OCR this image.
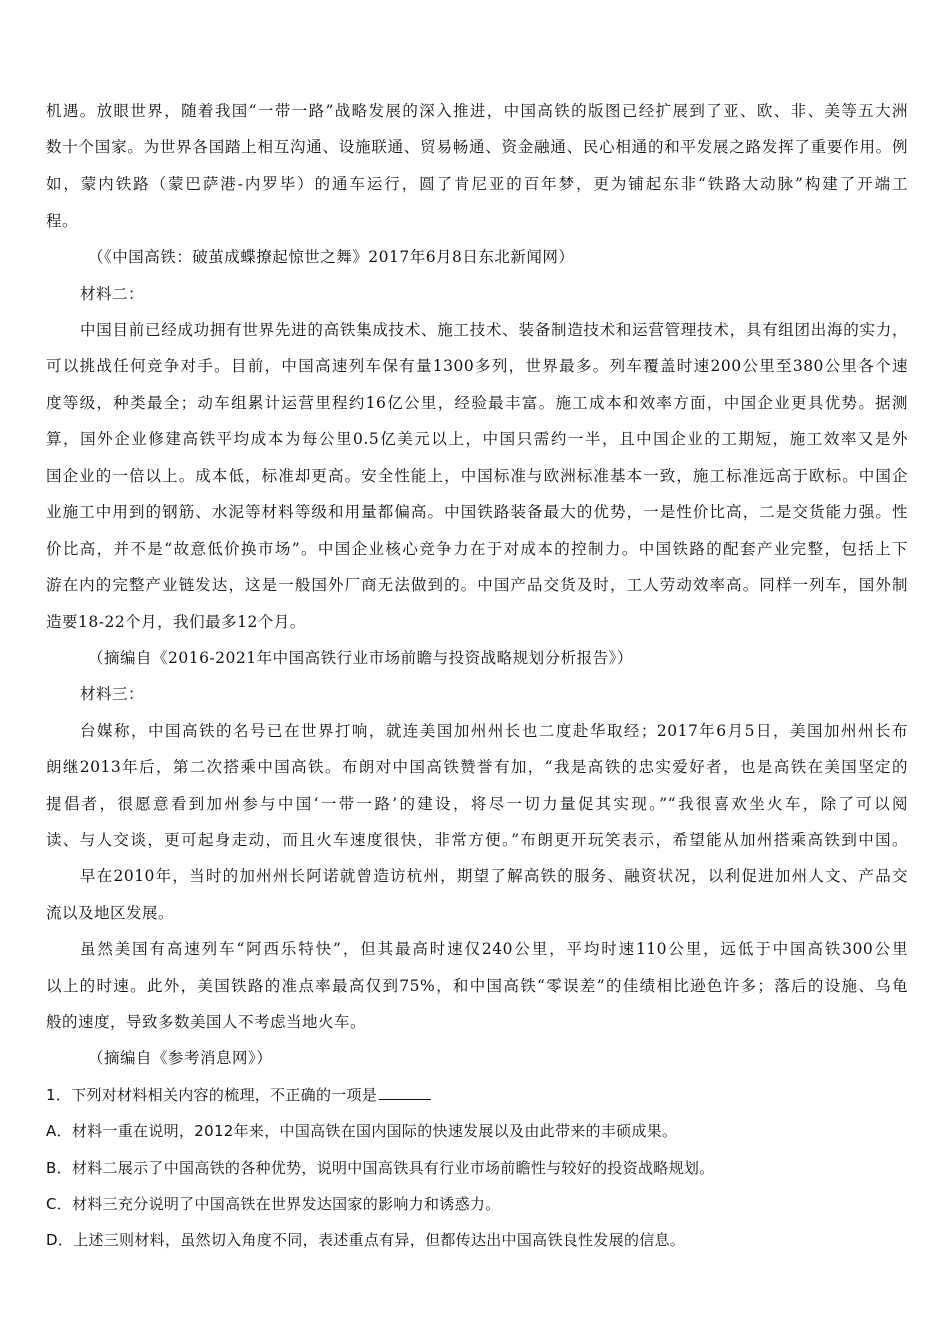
机遇。放眼世界，随着我国“一带一路”战略发展的深入推进，中国高铁的版图已经扩展到了亚、欧、非、美等五大洲
数十个国家。为世界各国踏上相互沟通、设施联通、贸易畅通、资金融通、民心相通的和平发展之路发挥了重要作用。例
如，蒙内铁路（蒙巴萨港-内罗毕）的通车运行，圆了肯尼亚的百年梦，更为铺起东非“铁路大动脉”构建了开端工
程。
（《中国高铁：破茧成蝶撩起惊世之舞》2017年6月8日东北新闻网）
材料二：
中国目前已经成功拥有世界先进的高铁集成技术、施工技术、装备制造技术和运营管理技术，具有组团出海的实力，
可以挑战任何竞争对手。目前，中国高速列车保有量1300多列，世界最多。列车覆盖时速200公里至380公里各个速
度等级，种类最全；动车组累计运营里程约16亿公里，经验最丰富。施工成本和效率方面，中国企业更具优势。据测
算，国外企业修建高铁平均成本为每公里0.5亿美元以上，中国只需约一半，且中国企业的工期短，施工效率又是外
国企业的一倍以上。成本低，标准却更高。安全性能上，中国标准与欧洲标准基本一致，施工标准远高于欧标。中国企
业施工中用到的钢筋、水泥等材料等级和用量都偏高。中国铁路装备最大的优势，一是性价比高，二是交货能力强。性
价比高，并不是“故意低价换市场”。中国企业核心竞争力在于对成本的控制力。中国铁路的配套产业完整，包括上下
游在内的完整产业链发达，这是一般国外厂商无法做到的。中国产品交货及时，工人劳动效率高。同样一列车，国外制
造要18-22个月，我们最多12个月。
（摘编自《2016-2021年中国高铁行业市场前瞻与投资战略规划分析报告》）
材料三：
台媒称，中国高铁的名号已在世界打响，就连美国加州州长也二度赴华取经；2017年6月5日，美国加州州长布
朗继2013年后，第二次搭乘中国高铁。布朗对中国高铁赞誉有加，“我是高铁的忠实爱好者，也是高铁在美国坚定的
提倡者，很愿意看到加州参与中国‘一带一路’的建设，将尽一切力量促其实现。”“我很喜欢坐火车，除了可以阅
读、与人交谈，更可起身走动，而且火车速度很快，非常方便。”布朗更开玩笑表示，希望能从加州搭乘高铁到中国。
早在2010年，当时的加州州长阿诺就曾造访杭州，期望了解高铁的服务、融资状况，以利促进加州人文、产品交
流以及地区发展。
虽然美国有高速列车“阿西乐特快”，但其最高时速仅240公里，平均时速110公里，远低于中国高铁300公里
以上的时速。此外，美国铁路的准点率最高仅到75%，和中国高铁“零误差”的佳绩相比逊色许多；落后的设施、乌龟
般的速度，导致多数美国人不考虑当地火车。
（摘编自《参考消息网》）
1．下列对材料相关内容的梳理，不正确的一项是
A．材料一重在说明，2012年来，中国高铁在国内国际的快速发展以及由此带来的丰硕成果。
B．材料二展示了中国高铁的各种优势，说明中国高铁具有行业市场前瞻性与较好的投资战略规划。
C．材料三充分说明了中国高铁在世界发达国家的影响力和诱惑力。
D．上述三则材料，虽然切入角度不同，表述重点有异，但都传达出中国高铁良性发展的信息。
